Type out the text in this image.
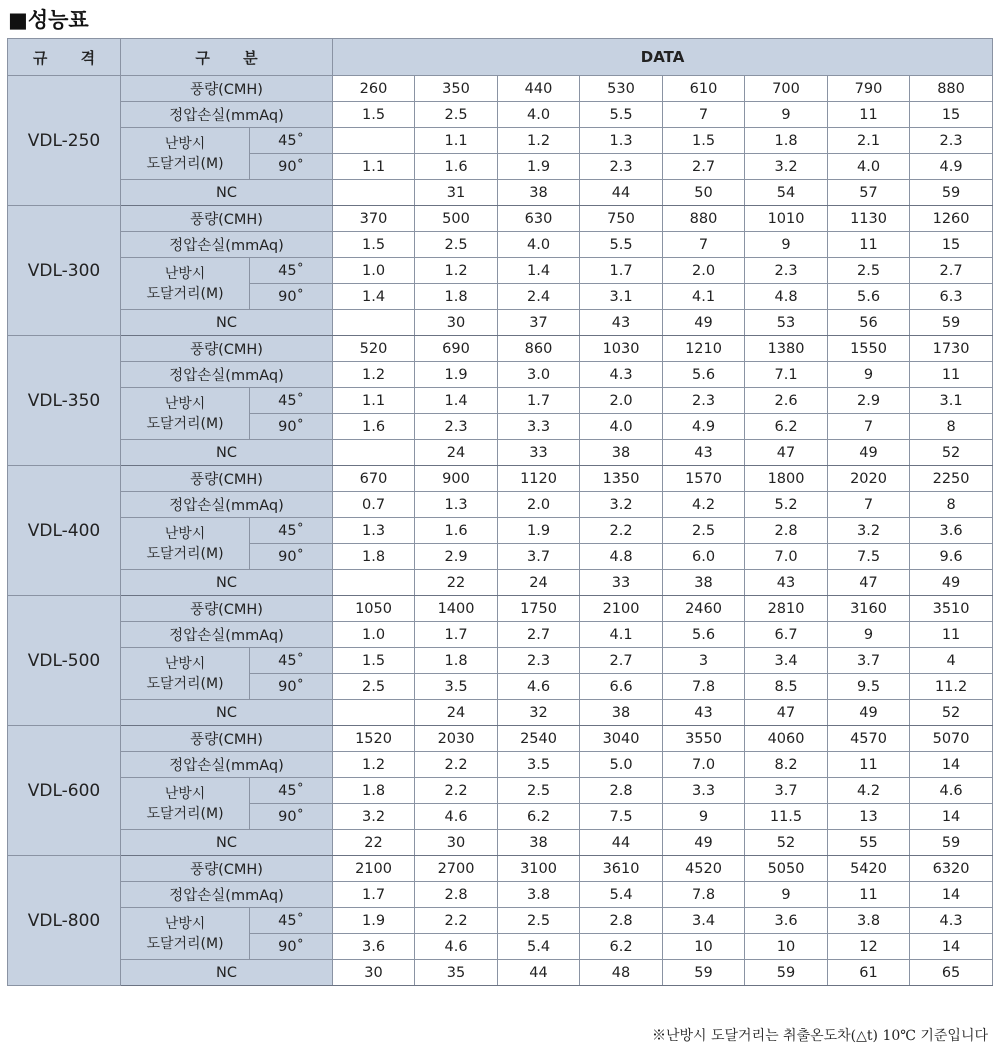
■성능표
규 격	구 분		DATA							
VDL-250	풍량(CMH)		260	350	440	530	610	700	790	880
	정압손실(mmAq)		1.5	2.5	4.0	5.5	7	9	11	15
	난방시
도달거리(M)	45˚		1.1	1.2	1.3	1.5	1.8	2.1	2.3
		90˚	1.1	1.6	1.9	2.3	2.7	3.2	4.0	4.9
	NC			31	38	44	50	54	57	59
VDL-300	풍량(CMH)		370	500	630	750	880	1010	1130	1260
	정압손실(mmAq)		1.5	2.5	4.0	5.5	7	9	11	15
	난방시
도달거리(M)	45˚	1.0	1.2	1.4	1.7	2.0	2.3	2.5	2.7
		90˚	1.4	1.8	2.4	3.1	4.1	4.8	5.6	6.3
	NC			30	37	43	49	53	56	59
VDL-350	풍량(CMH)		520	690	860	1030	1210	1380	1550	1730
	정압손실(mmAq)		1.2	1.9	3.0	4.3	5.6	7.1	9	11
	난방시
도달거리(M)	45˚	1.1	1.4	1.7	2.0	2.3	2.6	2.9	3.1
		90˚	1.6	2.3	3.3	4.0	4.9	6.2	7	8
	NC			24	33	38	43	47	49	52
VDL-400	풍량(CMH)		670	900	1120	1350	1570	1800	2020	2250
	정압손실(mmAq)		0.7	1.3	2.0	3.2	4.2	5.2	7	8
	난방시
도달거리(M)	45˚	1.3	1.6	1.9	2.2	2.5	2.8	3.2	3.6
		90˚	1.8	2.9	3.7	4.8	6.0	7.0	7.5	9.6
	NC			22	24	33	38	43	47	49
VDL-500	풍량(CMH)		1050	1400	1750	2100	2460	2810	3160	3510
	정압손실(mmAq)		1.0	1.7	2.7	4.1	5.6	6.7	9	11
	난방시
도달거리(M)	45˚	1.5	1.8	2.3	2.7	3	3.4	3.7	4
		90˚	2.5	3.5	4.6	6.6	7.8	8.5	9.5	11.2
	NC			24	32	38	43	47	49	52
VDL-600	풍량(CMH)		1520	2030	2540	3040	3550	4060	4570	5070
	정압손실(mmAq)		1.2	2.2	3.5	5.0	7.0	8.2	11	14
	난방시
도달거리(M)	45˚	1.8	2.2	2.5	2.8	3.3	3.7	4.2	4.6
		90˚	3.2	4.6	6.2	7.5	9	11.5	13	14
	NC		22	30	38	44	49	52	55	59
VDL-800	풍량(CMH)		2100	2700	3100	3610	4520	5050	5420	6320
	정압손실(mmAq)		1.7	2.8	3.8	5.4	7.8	9	11	14
	난방시
도달거리(M)	45˚	1.9	2.2	2.5	2.8	3.4	3.6	3.8	4.3
		90˚	3.6	4.6	5.4	6.2	10	10	12	14
	NC		30	35	44	48	59	59	61	65
※난방시 도달거리는 취출온도차(△t) 10℃ 기준입니다
